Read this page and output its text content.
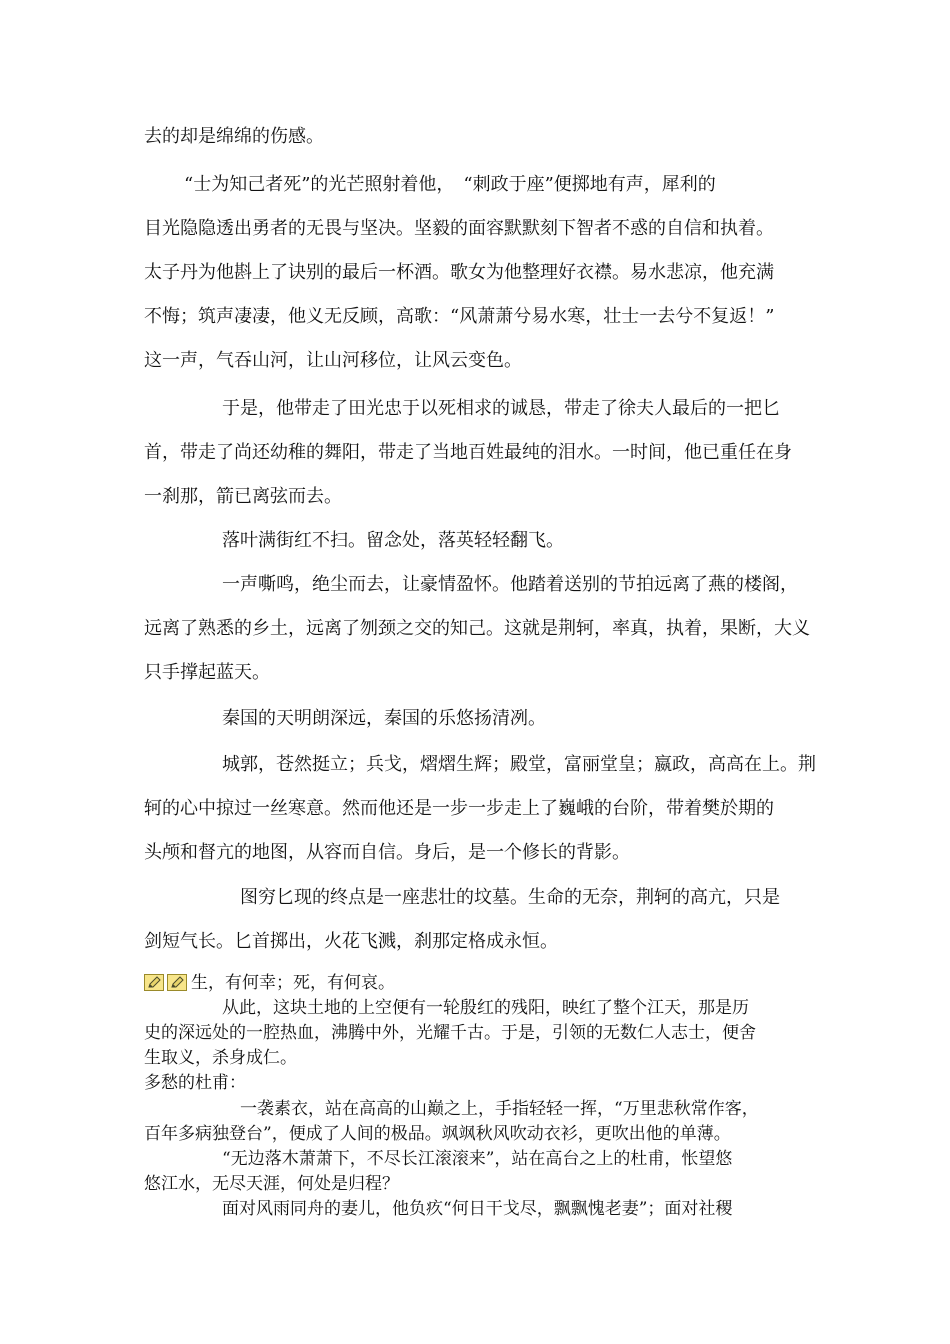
去的却是绵绵的伤感。
“士为知己者死”的光芒照射着他，　“刺政于座”便掷地有声，犀利的
目光隐隐透出勇者的无畏与坚决。坚毅的面容默默刻下智者不惑的自信和执着。
太子丹为他斟上了诀别的最后一杯酒。歌女为他整理好衣襟。易水悲凉，他充满
不悔；筑声凄凄，他义无反顾，高歌：“风萧萧兮易水寒，壮士一去兮不复返！”
这一声，气吞山河，让山河移位，让风云变色。
于是，他带走了田光忠于以死相求的诚恳，带走了徐夫人最后的一把匕
首，带走了尚还幼稚的舞阳，带走了当地百姓最纯的泪水。一时间，他已重任在身
一刹那，箭已离弦而去。
落叶满街红不扫。留念处，落英轻轻翻飞。
一声嘶鸣，绝尘而去，让豪情盈怀。他踏着送别的节拍远离了燕的楼阁，
远离了熟悉的乡土，远离了刎颈之交的知己。这就是荆轲，率真，执着，果断，大义
只手撑起蓝天。
秦国的天明朗深远，秦国的乐悠扬清冽。
城郭，苍然挺立；兵戈，熠熠生辉；殿堂，富丽堂皇；嬴政，高高在上。荆
轲的心中掠过一丝寒意。然而他还是一步一步走上了巍峨的台阶，带着樊於期的
头颅和督亢的地图，从容而自信。身后，是一个修长的背影。
图穷匕现的终点是一座悲壮的坟墓。生命的无奈，荆轲的高亢，只是
剑短气长。匕首掷出，火花飞溅，刹那定格成永恒。
生，有何幸；死，有何哀。
从此，这块土地的上空便有一轮殷红的残阳，映红了整个江天，那是历
史的深远处的一腔热血，沸腾中外，光耀千古。于是，引领的无数仁人志士，便舍
生取义，杀身成仁。
多愁的杜甫：
一袭素衣，站在高高的山巅之上，手指轻轻一挥，“万里悲秋常作客，
百年多病独登台”，便成了人间的极品。飒飒秋风吹动衣衫，更吹出他的单薄。
“无边落木萧萧下，不尽长江滚滚来”，站在高台之上的杜甫，怅望悠
悠江水，无尽天涯，何处是归程？
面对风雨同舟的妻儿，他负疚“何日干戈尽，飘飘愧老妻”；面对社稷
